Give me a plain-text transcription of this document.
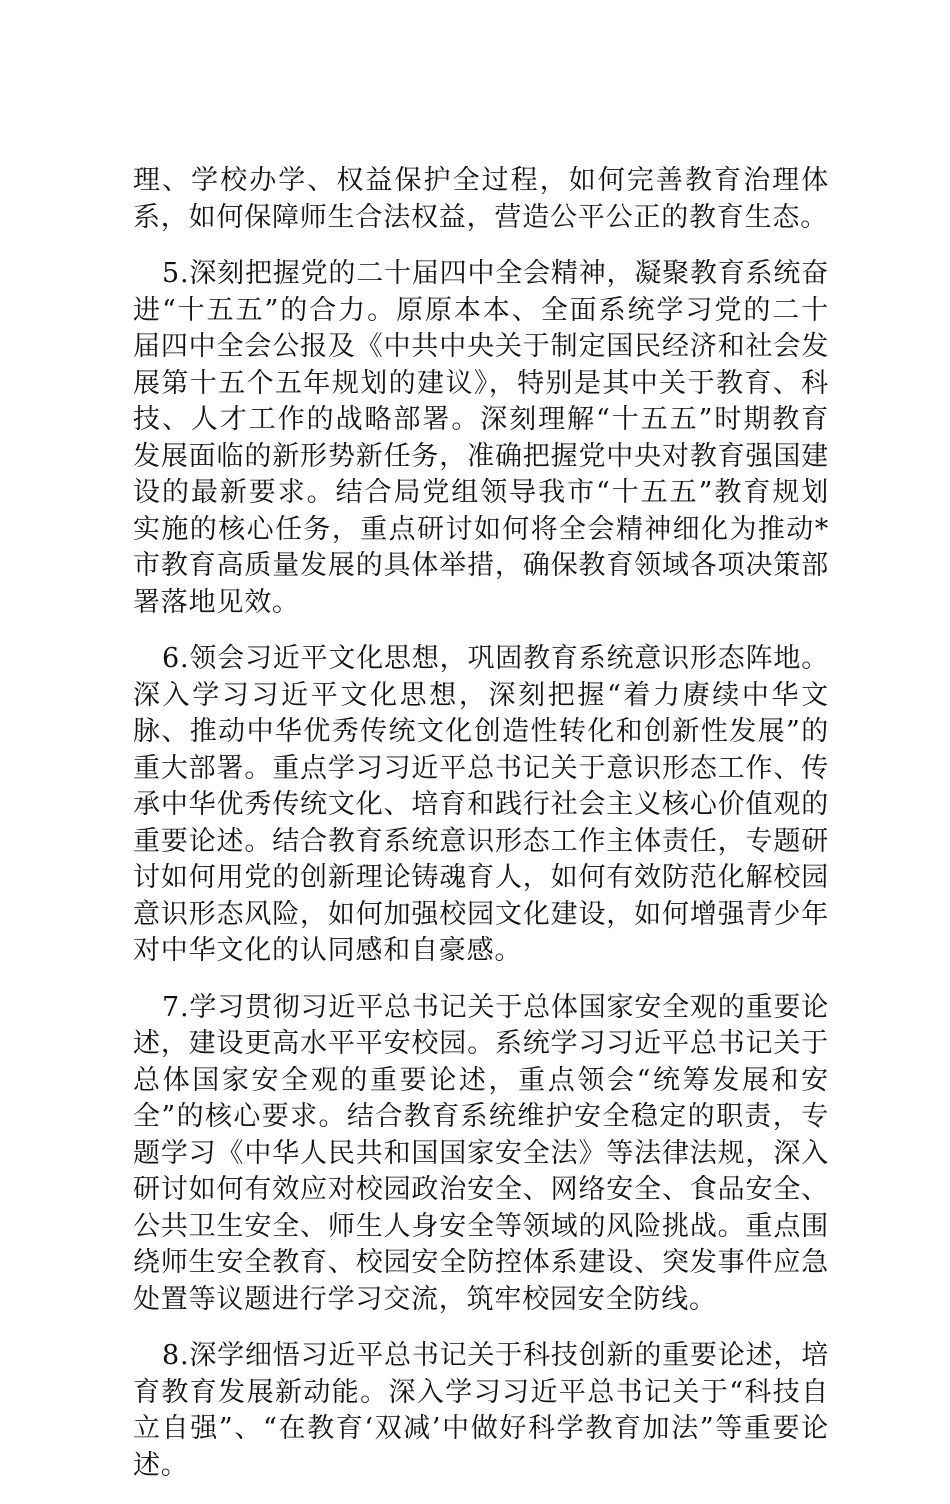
理、学校办学、权益保护全过程，如何完善教育治理体系，如何保障师生合法权益，营造公平公正的教育生态。

5.深刻把握党的二十届四中全会精神，凝聚教育系统奋进“十五五”的合力。原原本本、全面系统学习党的二十届四中全会公报及《中共中央关于制定国民经济和社会发展第十五个五年规划的建议》，特别是其中关于教育、科技、人才工作的战略部署。深刻理解“十五五”时期教育发展面临的新形势新任务，准确把握党中央对教育强国建设的最新要求。结合局党组领导我市“十五五”教育规划实施的核心任务，重点研讨如何将全会精神细化为推动*市教育高质量发展的具体举措，确保教育领域各项决策部署落地见效。

6.领会习近平文化思想，巩固教育系统意识形态阵地。深入学习习近平文化思想，深刻把握“着力赓续中华文脉、推动中华优秀传统文化创造性转化和创新性发展”的重大部署。重点学习习近平总书记关于意识形态工作、传承中华优秀传统文化、培育和践行社会主义核心价值观的重要论述。结合教育系统意识形态工作主体责任，专题研讨如何用党的创新理论铸魂育人，如何有效防范化解校园意识形态风险，如何加强校园文化建设，如何增强青少年对中华文化的认同感和自豪感。

7.学习贯彻习近平总书记关于总体国家安全观的重要论述，建设更高水平平安校园。系统学习习近平总书记关于总体国家安全观的重要论述，重点领会“统筹发展和安全”的核心要求。结合教育系统维护安全稳定的职责，专题学习《中华人民共和国国家安全法》等法律法规，深入研讨如何有效应对校园政治安全、网络安全、食品安全、公共卫生安全、师生人身安全等领域的风险挑战。重点围绕师生安全教育、校园安全防控体系建设、突发事件应急处置等议题进行学习交流，筑牢校园安全防线。

8.深学细悟习近平总书记关于科技创新的重要论述，培育教育发展新动能。深入学习习近平总书记关于“科技自立自强”、“在教育‘双减’中做好科学教育加法”等重要论述。
